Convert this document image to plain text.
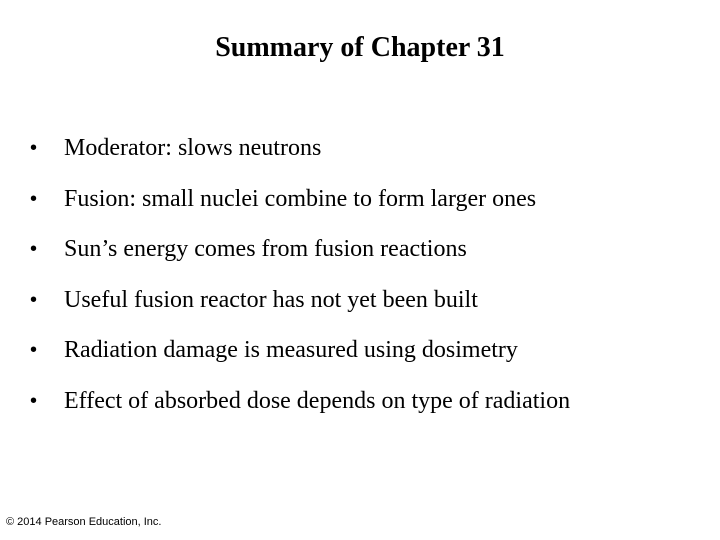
Summary of Chapter 31
•	Moderator: slows neutrons
•	Fusion: small nuclei combine to form larger ones
•	Sun’s energy comes from fusion reactions
•	Useful fusion reactor has not yet been built
•	Radiation damage is measured using dosimetry
•	Effect of absorbed dose depends on type of radiation
© 2014 Pearson Education, Inc.
